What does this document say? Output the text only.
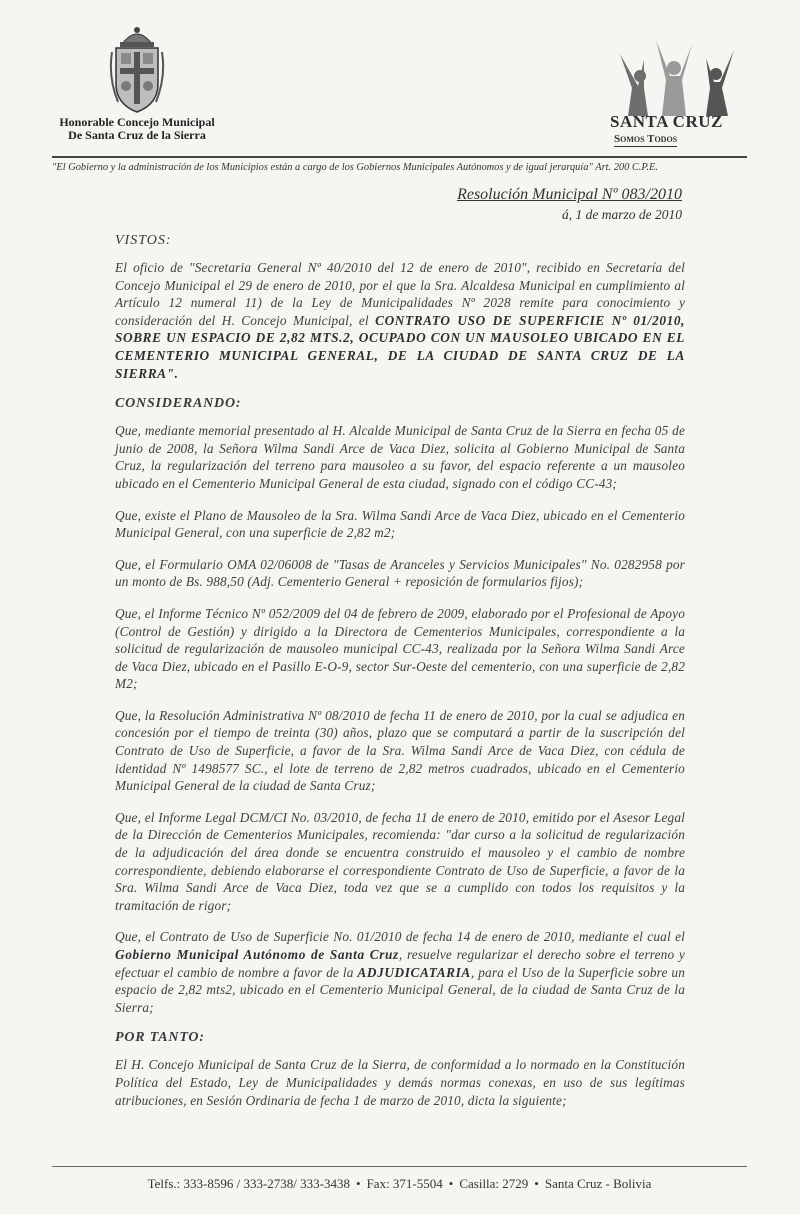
Honorable Concejo Municipal
De Santa Cruz de la Sierra
SANTA CRUZ
Somos Todos
"El Gobierno y la administración de los Municipios están a cargo de los Gobiernos Municipales Autónomos y de igual jerarquía" Art. 200 C.P.E.
Resolución Municipal Nº 083/2010
á, 1 de marzo de 2010
VISTOS:

El oficio de "Secretaria General Nº 40/2010 del 12 de enero de 2010", recibido en Secretaría del Concejo Municipal el 29 de enero de 2010, por el que la Sra. Alcaldesa Municipal en cumplimiento al Artículo 12 numeral 11) de la Ley de Municipalidades Nº 2028 remite para conocimiento y consideración del H. Concejo Municipal, el CONTRATO USO DE SUPERFICIE Nº 01/2010, SOBRE UN ESPACIO DE 2,82 MTS.2, OCUPADO CON UN MAUSOLEO UBICADO EN EL CEMENTERIO MUNICIPAL GENERAL, DE LA CIUDAD DE SANTA CRUZ DE LA SIERRA".

CONSIDERANDO:

Que, mediante memorial presentado al H. Alcalde Municipal de Santa Cruz de la Sierra en fecha 05 de junio de 2008, la Señora Wilma Sandi Arce de Vaca Diez, solicita al Gobierno Municipal de Santa Cruz, la regularización del terreno para mausoleo a su favor, del espacio referente a un mausoleo ubicado en el Cementerio Municipal General de esta ciudad, signado con el código CC-43;

Que, existe el Plano de Mausoleo de la Sra. Wilma Sandi Arce de Vaca Diez, ubicado en el Cementerio Municipal General, con una superficie de 2,82 m2;

Que, el Formulario OMA 02/06008 de "Tasas de Aranceles y Servicios Municipales" No. 0282958 por un monto de Bs. 988,50 (Adj. Cementerio General + reposición de formularios fijos);

Que, el Informe Técnico Nº 052/2009 del 04 de febrero de 2009, elaborado por el Profesional de Apoyo (Control de Gestión) y dirigido a la Directora de Cementerios Municipales, correspondiente a la solicitud de regularización de mausoleo municipal CC-43, realizada por la Señora Wilma Sandi Arce de Vaca Diez, ubicado en el Pasillo E-O-9, sector Sur-Oeste del cementerio, con una superficie de 2,82 M2;

Que, la Resolución Administrativa Nº 08/2010 de fecha 11 de enero de 2010, por la cual se adjudica en concesión por el tiempo de treinta (30) años, plazo que se computará a partir de la suscripción del Contrato de Uso de Superficie, a favor de la Sra. Wilma Sandi Arce de Vaca Diez, con cédula de identidad Nº 1498577 SC., el lote de terreno de 2,82 metros cuadrados, ubicado en el Cementerio Municipal General de la ciudad de Santa Cruz;

Que, el Informe Legal DCM/CI No. 03/2010, de fecha 11 de enero de 2010, emitido por el Asesor Legal de la Dirección de Cementerios Municipales, recomienda: "dar curso a la solicitud de regularización de la adjudicación del área donde se encuentra construido el mausoleo y el cambio de nombre correspondiente, debiendo elaborarse el correspondiente Contrato de Uso de Superficie, a favor de la Sra. Wilma Sandi Arce de Vaca Diez, toda vez que se a cumplido con todos los requisitos y la tramitación de rigor;

Que, el Contrato de Uso de Superficie No. 01/2010 de fecha 14 de enero de 2010, mediante el cual el Gobierno Municipal Autónomo de Santa Cruz, resuelve regularizar el derecho sobre el terreno y efectuar el cambio de nombre a favor de la ADJUDICATARIA, para el Uso de la Superficie sobre un espacio de 2,82 mts2, ubicado en el Cementerio Municipal General, de la ciudad de Santa Cruz de la Sierra;

POR TANTO:

El H. Concejo Municipal de Santa Cruz de la Sierra, de conformidad a lo normado en la Constitución Política del Estado, Ley de Municipalidades y demás normas conexas, en uso de sus legítimas atribuciones, en Sesión Ordinaria de fecha 1 de marzo de 2010, dicta la siguiente;

Telfs.: 333-8596 / 333-2738/ 333-3438 • Fax: 371-5504 • Casilla: 2729 • Santa Cruz - Bolivia
